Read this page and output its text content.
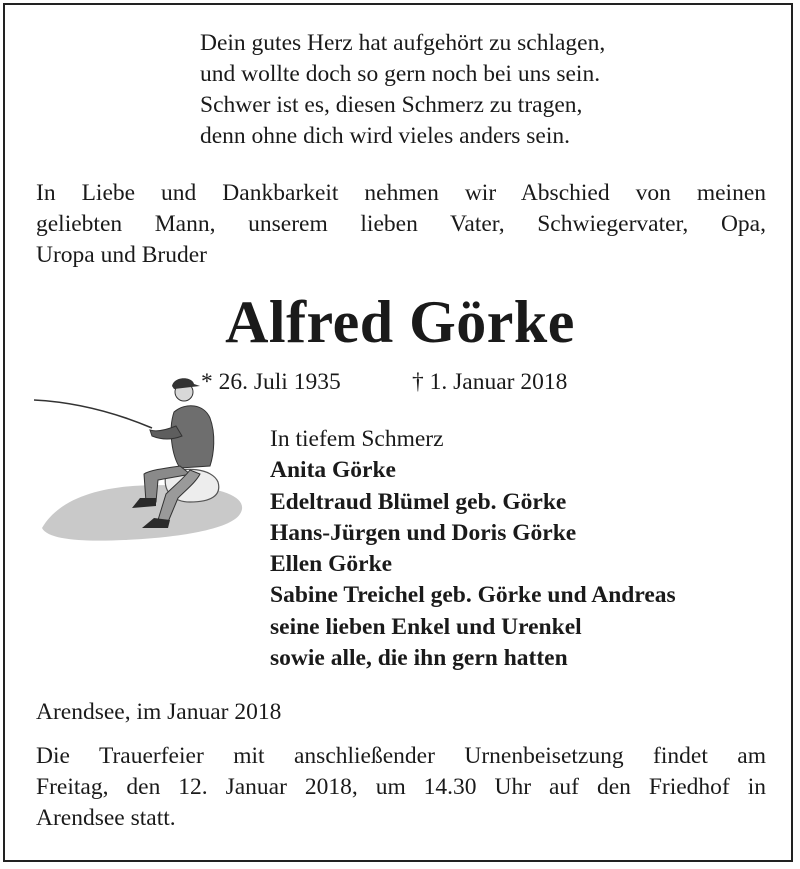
Dein gutes Herz hat aufgehört zu schlagen,
und wollte doch so gern noch bei uns sein.
Schwer ist es, diesen Schmerz zu tragen,
denn ohne dich wird vieles anders sein.
In Liebe und Dankbarkeit nehmen wir Abschied von meinen
geliebten Mann, unserem lieben Vater, Schwiegervater, Opa,
Uropa und Bruder
Alfred Görke
* 26. Juli 1935	† 1. Januar 2018
In tiefem Schmerz
Anita Görke
Edeltraud Blümel geb. Görke
Hans-Jürgen und Doris Görke
Ellen Görke
Sabine Treichel geb. Görke und Andreas
seine lieben Enkel und Urenkel
sowie alle, die ihn gern hatten
Arendsee, im Januar 2018
Die Trauerfeier mit anschließender Urnenbeisetzung findet am
Freitag, den 12. Januar 2018, um 14.30 Uhr auf den Friedhof in
Arendsee statt.
